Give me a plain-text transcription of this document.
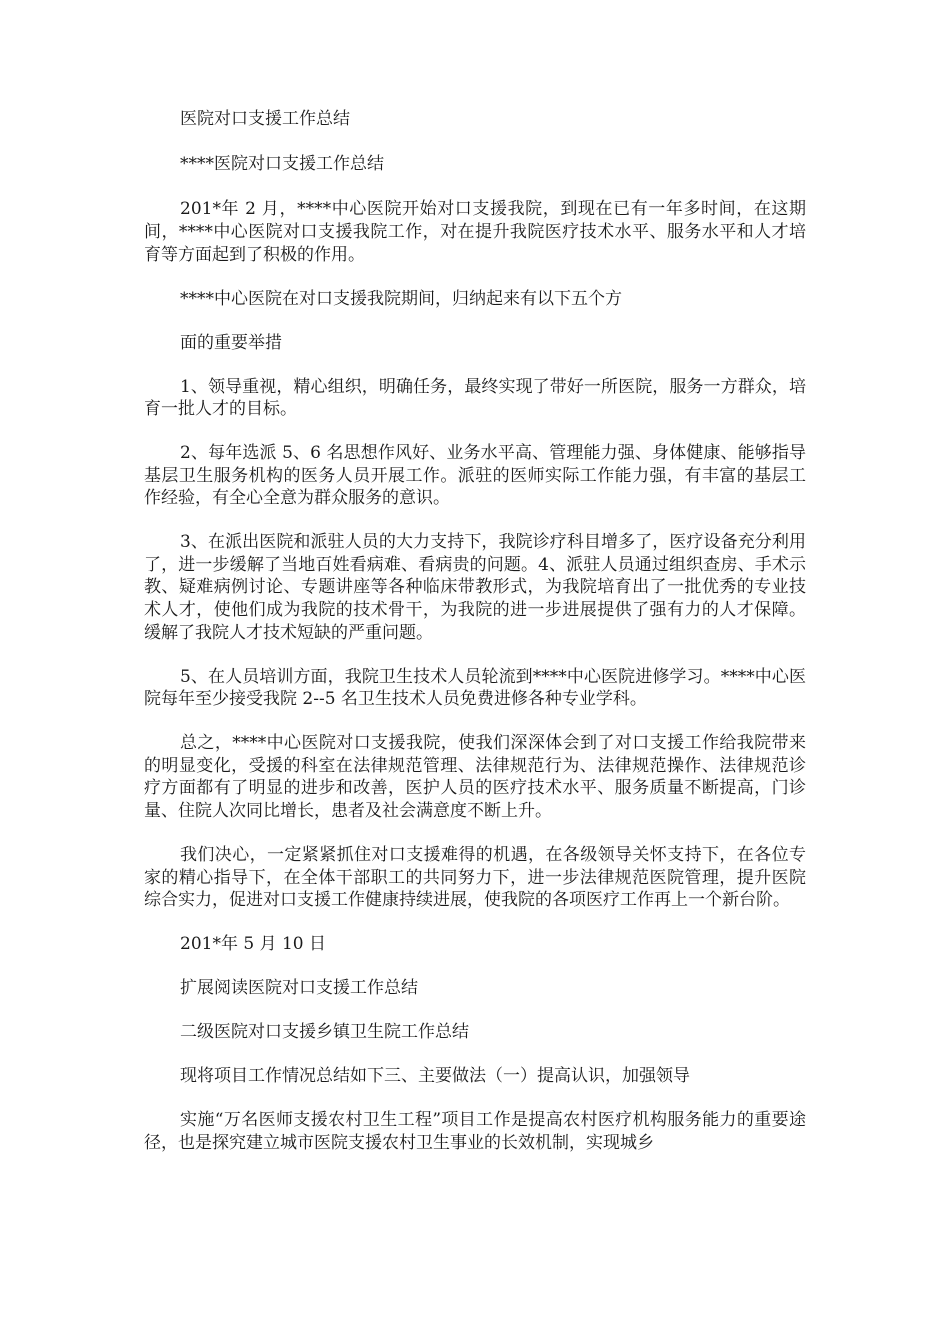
医院对口支援工作总结

****医院对口支援工作总结

201*年 2 月，****中心医院开始对口支援我院，到现在已有一年多时间，在这期间，****中心医院对口支援我院工作，对在提升我院医疗技术水平、服务水平和人才培育等方面起到了积极的作用。

****中心医院在对口支援我院期间，归纳起来有以下五个方

面的重要举措

1、领导重视，精心组织，明确任务，最终实现了带好一所医院，服务一方群众，培育一批人才的目标。

2、每年选派 5、6 名思想作风好、业务水平高、管理能力强、身体健康、能够指导基层卫生服务机构的医务人员开展工作。派驻的医师实际工作能力强，有丰富的基层工作经验，有全心全意为群众服务的意识。

3、在派出医院和派驻人员的大力支持下，我院诊疗科目增多了，医疗设备充分利用了，进一步缓解了当地百姓看病难、看病贵的问题。4、派驻人员通过组织查房、手术示教、疑难病例讨论、专题讲座等各种临床带教形式，为我院培育出了一批优秀的专业技术人才，使他们成为我院的技术骨干，为我院的进一步进展提供了强有力的人才保障。缓解了我院人才技术短缺的严重问题。

5、在人员培训方面，我院卫生技术人员轮流到****中心医院进修学习。****中心医院每年至少接受我院 2--5 名卫生技术人员免费进修各种专业学科。

总之，****中心医院对口支援我院，使我们深深体会到了对口支援工作给我院带来的明显变化，受援的科室在法律规范管理、法律规范行为、法律规范操作、法律规范诊疗方面都有了明显的进步和改善，医护人员的医疗技术水平、服务质量不断提高，门诊量、住院人次同比增长，患者及社会满意度不断上升。

我们决心，一定紧紧抓住对口支援难得的机遇，在各级领导关怀支持下，在各位专家的精心指导下，在全体干部职工的共同努力下，进一步法律规范医院管理，提升医院综合实力，促进对口支援工作健康持续进展，使我院的各项医疗工作再上一个新台阶。

201*年 5 月 10 日

扩展阅读医院对口支援工作总结

二级医院对口支援乡镇卫生院工作总结

现将项目工作情况总结如下三、主要做法（一）提高认识，加强领导

实施“万名医师支援农村卫生工程”项目工作是提高农村医疗机构服务能力的重要途径，也是探究建立城市医院支援农村卫生事业的长效机制，实现城乡
